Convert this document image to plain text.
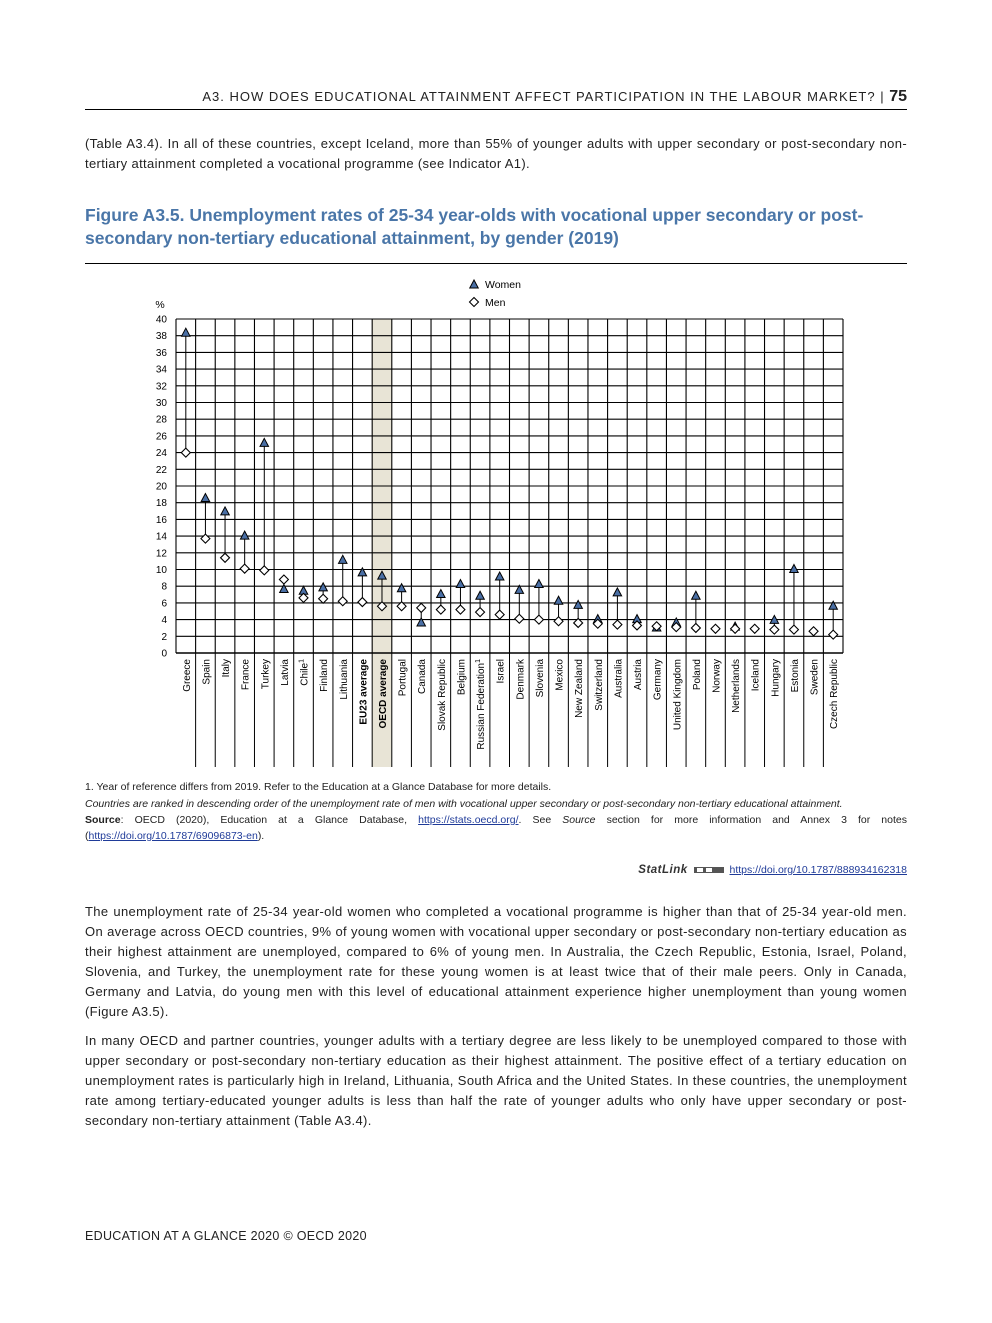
A3. HOW DOES EDUCATIONAL ATTAINMENT AFFECT PARTICIPATION IN THE LABOUR MARKET? | 75
(Table A3.4). In all of these countries, except Iceland, more than 55% of younger adults with upper secondary or post-secondary non-tertiary attainment completed a vocational programme (see Indicator A1).
Figure A3.5. Unemployment rates of 25-34 year-olds with vocational upper secondary or post-secondary non-tertiary educational attainment, by gender (2019)
0
2
4
6
8
10
12
14
16
18
20
22
24
26
28
30
32
34
36
38
40
%
Greece Spain Italy France Turkey Latvia Chile$^1$	Finland Lithuania EU23 average OECD average Portugal Canada Slovak Republic Belgium Russian Federation$^1$	Israel Denmark Slovenia Mexico New Zealand Switzerland Australia Austria Germany United Kingdom Poland Norway Netherlands Iceland Hungary Estonia Sweden Czech Republic
Women
Men
1. Year of reference differs from 2019. Refer to the Education at a Glance Database for more details.
Countries are ranked in descending order of the unemployment rate of men with vocational upper secondary or post-secondary non-tertiary educational attainment.
Source: OECD (2020), Education at a Glance Database, https://stats.oecd.org/. See Source section for more information and Annex 3 for notes (https://doi.org/10.1787/69096873-en).
StatLink	https://doi.org/10.1787/888934162318
The unemployment rate of 25-34 year-old women who completed a vocational programme is higher than that of 25-34 year-old men. On average across OECD countries, 9% of young women with vocational upper secondary or post-secondary non-tertiary education as their highest attainment are unemployed, compared to 6% of young men. In Australia, the Czech Republic, Estonia, Israel, Poland, Slovenia, and Turkey, the unemployment rate for these young women is at least twice that of their male peers. Only in Canada, Germany and Latvia, do young men with this level of educational attainment experience higher unemployment than young women (Figure A3.5).
In many OECD and partner countries, younger adults with a tertiary degree are less likely to be unemployed compared to those with upper secondary or post-secondary non-tertiary education as their highest attainment. The positive effect of a tertiary education on unemployment rates is particularly high in Ireland, Lithuania, South Africa and the United States. In these countries, the unemployment rate among tertiary-educated younger adults is less than half the rate of younger adults who only have upper secondary or post-secondary non-tertiary attainment (Table A3.4).
EDUCATION AT A GLANCE 2020 © OECD 2020
